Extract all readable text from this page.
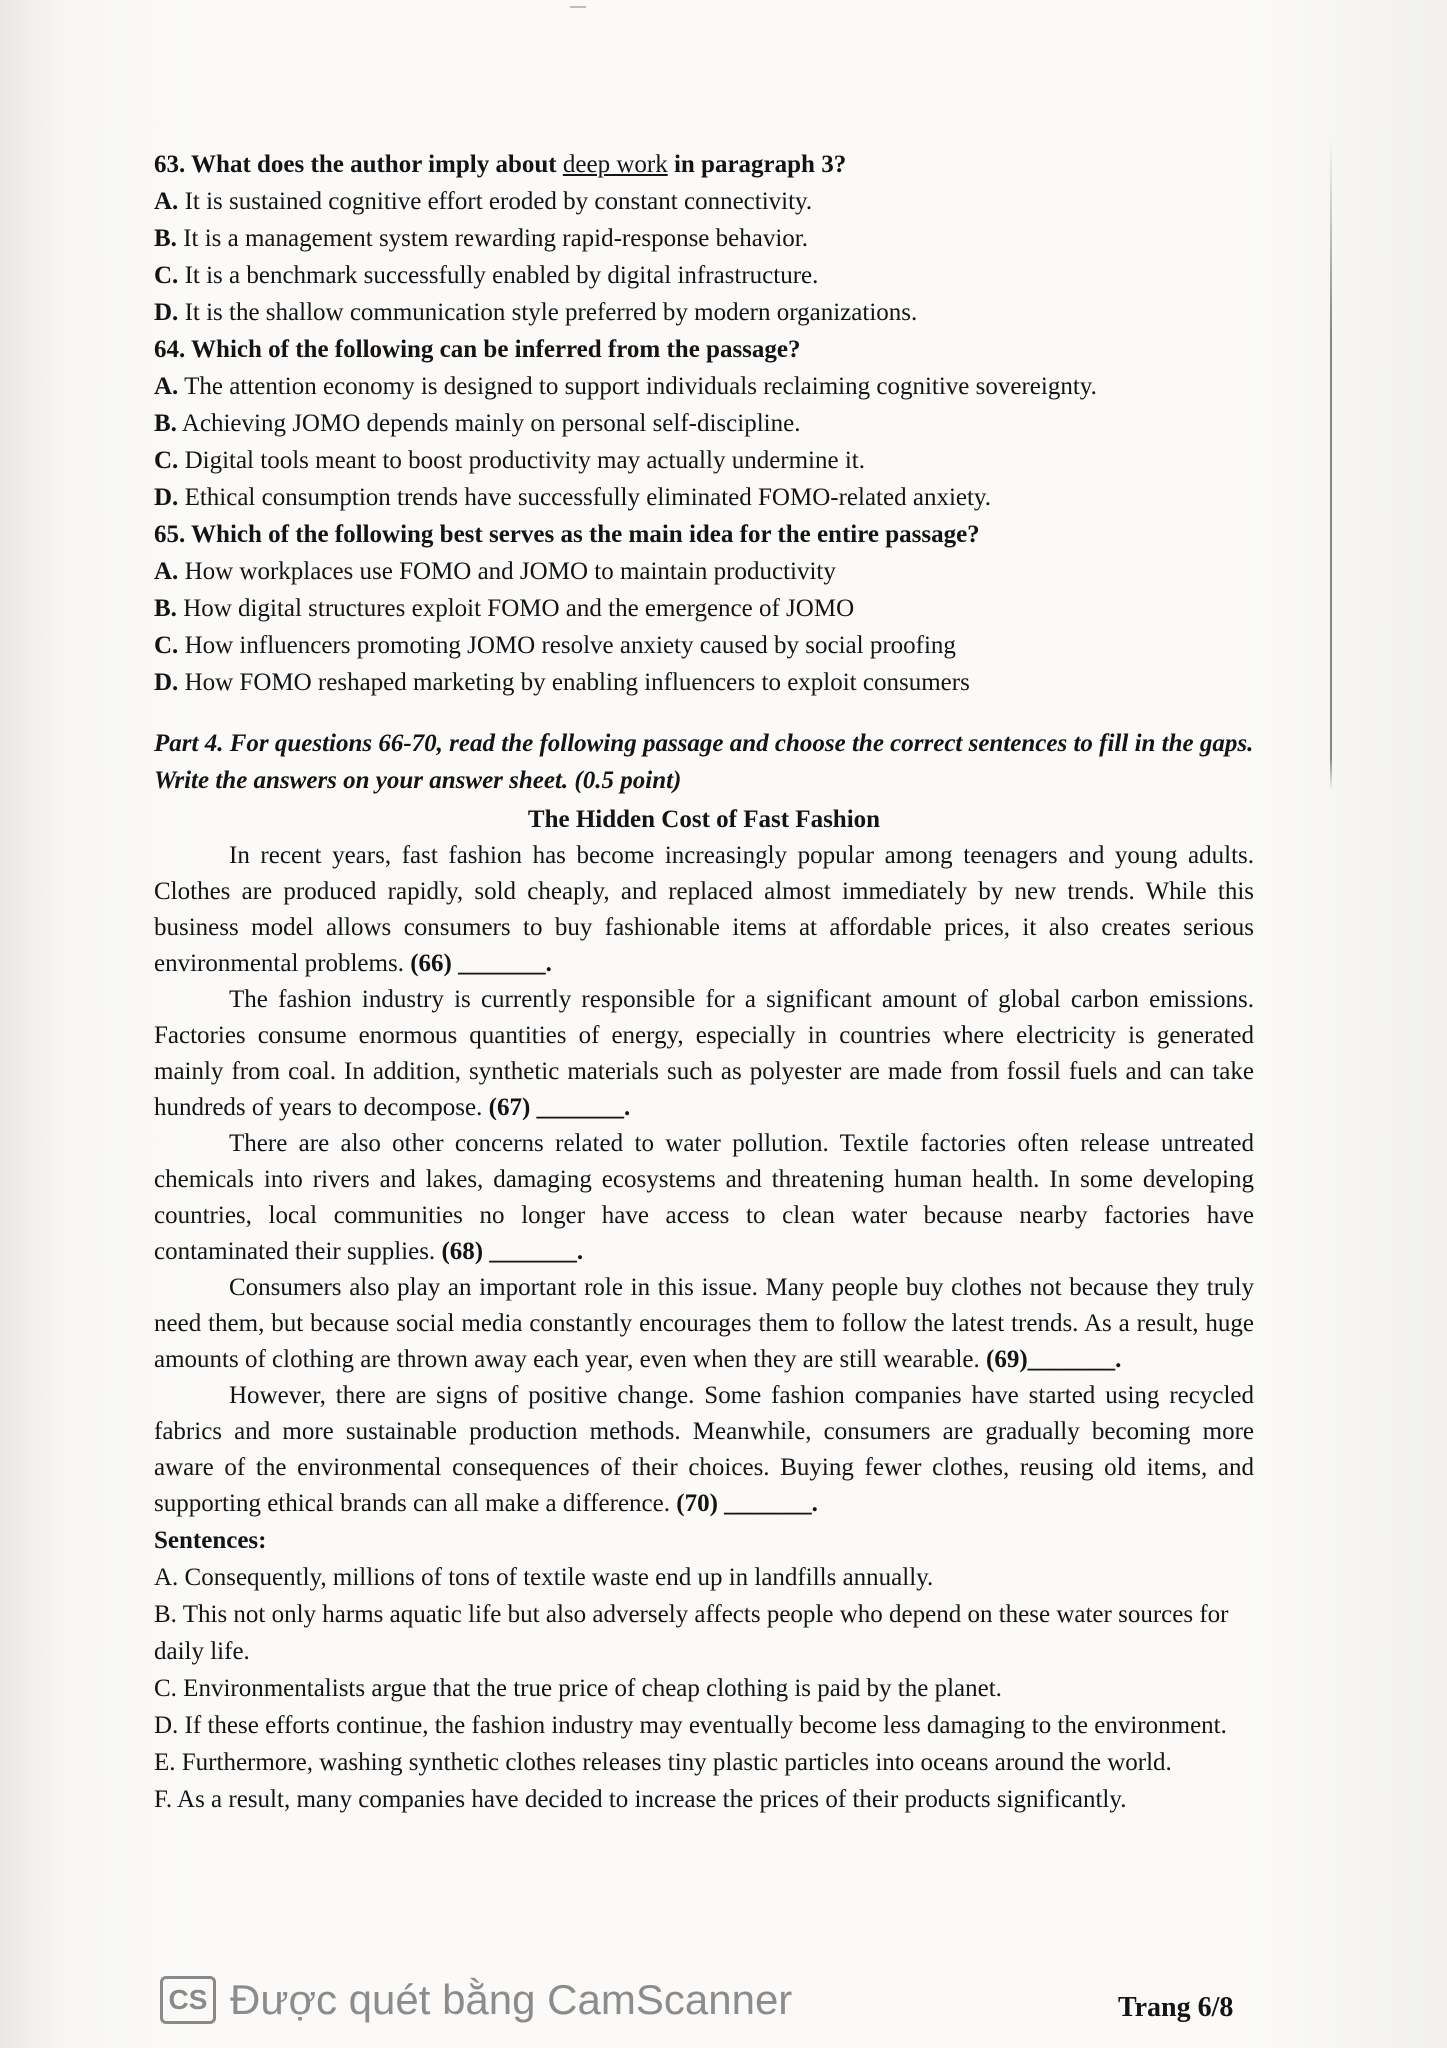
63. What does the author imply about deep work in paragraph 3?
A. It is sustained cognitive effort eroded by constant connectivity.
B. It is a management system rewarding rapid-response behavior.
C. It is a benchmark successfully enabled by digital infrastructure.
D. It is the shallow communication style preferred by modern organizations.
64. Which of the following can be inferred from the passage?
A. The attention economy is designed to support individuals reclaiming cognitive sovereignty.
B. Achieving JOMO depends mainly on personal self-discipline.
C. Digital tools meant to boost productivity may actually undermine it.
D. Ethical consumption trends have successfully eliminated FOMO-related anxiety.
65. Which of the following best serves as the main idea for the entire passage?
A. How workplaces use FOMO and JOMO to maintain productivity
B. How digital structures exploit FOMO and the emergence of JOMO
C. How influencers promoting JOMO resolve anxiety caused by social proofing
D. How FOMO reshaped marketing by enabling influencers to exploit consumers
Part 4. For questions 66-70, read the following passage and choose the correct sentences to fill in the gaps. Write the answers on your answer sheet. (0.5 point)
The Hidden Cost of Fast Fashion

In recent years, fast fashion has become increasingly popular among teenagers and young adults. Clothes are produced rapidly, sold cheaply, and replaced almost immediately by new trends. While this business model allows consumers to buy fashionable items at affordable prices, it also creates serious environmental problems. (66) _______.

The fashion industry is currently responsible for a significant amount of global carbon emissions. Factories consume enormous quantities of energy, especially in countries where electricity is generated mainly from coal. In addition, synthetic materials such as polyester are made from fossil fuels and can take hundreds of years to decompose. (67) _______.

There are also other concerns related to water pollution. Textile factories often release untreated chemicals into rivers and lakes, damaging ecosystems and threatening human health. In some developing countries, local communities no longer have access to clean water because nearby factories have contaminated their supplies. (68) _______.

Consumers also play an important role in this issue. Many people buy clothes not because they truly need them, but because social media constantly encourages them to follow the latest trends. As a result, huge amounts of clothing are thrown away each year, even when they are still wearable. (69)_______.

However, there are signs of positive change. Some fashion companies have started using recycled fabrics and more sustainable production methods. Meanwhile, consumers are gradually becoming more aware of the environmental consequences of their choices. Buying fewer clothes, reusing old items, and supporting ethical brands can all make a difference. (70) _______.

Sentences:
A. Consequently, millions of tons of textile waste end up in landfills annually.
B. This not only harms aquatic life but also adversely affects people who depend on these water sources for daily life.
C. Environmentalists argue that the true price of cheap clothing is paid by the planet.
D. If these efforts continue, the fashion industry may eventually become less damaging to the environment.
E. Furthermore, washing synthetic clothes releases tiny plastic particles into oceans around the world.
F. As a result, many companies have decided to increase the prices of their products significantly.
CS Được quét bằng CamScanner	Trang 6/8
